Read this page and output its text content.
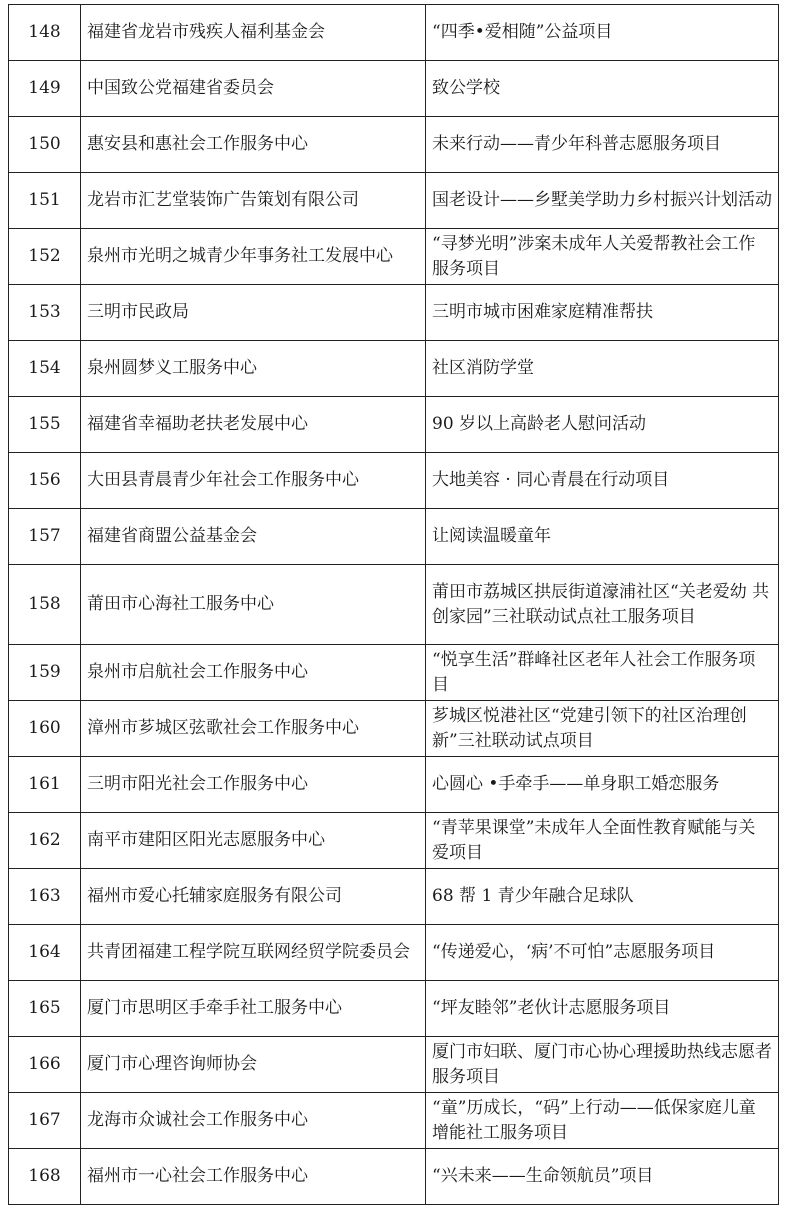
148	福建省龙岩市残疾人福利基金会	“四季•爱相随”公益项目
149	中国致公党福建省委员会	致公学校
150	惠安县和惠社会工作服务中心	未来行动——青少年科普志愿服务项目
151	龙岩市汇艺堂装饰广告策划有限公司	国老设计——乡墅美学助力乡村振兴计划活动
152	泉州市光明之城青少年事务社工发展中心	“寻梦光明”涉案未成年人关爱帮教社会工作服务项目
153	三明市民政局	三明市城市困难家庭精准帮扶
154	泉州圆梦义工服务中心	社区消防学堂
155	福建省幸福助老扶老发展中心	90 岁以上高龄老人慰问活动
156	大田县青晨青少年社会工作服务中心	大地美容 · 同心青晨在行动项目
157	福建省商盟公益基金会	让阅读温暖童年
158	莆田市心海社工服务中心	莆田市荔城区拱辰街道濠浦社区“关老爱幼 共创家园”三社联动试点社工服务项目
159	泉州市启航社会工作服务中心	“悦享生活”群峰社区老年人社会工作服务项目
160	漳州市芗城区弦歌社会工作服务中心	芗城区悦港社区“党建引领下的社区治理创新”三社联动试点项目
161	三明市阳光社会工作服务中心	心圆心 •手牵手——单身职工婚恋服务
162	南平市建阳区阳光志愿服务中心	“青苹果课堂”未成年人全面性教育赋能与关爱项目
163	福州市爱心托辅家庭服务有限公司	68 帮 1 青少年融合足球队
164	共青团福建工程学院互联网经贸学院委员会	“传递爱心，‘病’不可怕”志愿服务项目
165	厦门市思明区手牵手社工服务中心	“坪友睦邻”老伙计志愿服务项目
166	厦门市心理咨询师协会	厦门市妇联、厦门市心协心理援助热线志愿者服务项目
167	龙海市众诚社会工作服务中心	“童”历成长，“码”上行动——低保家庭儿童增能社工服务项目
168	福州市一心社会工作服务中心	“兴未来——生命领航员”项目
